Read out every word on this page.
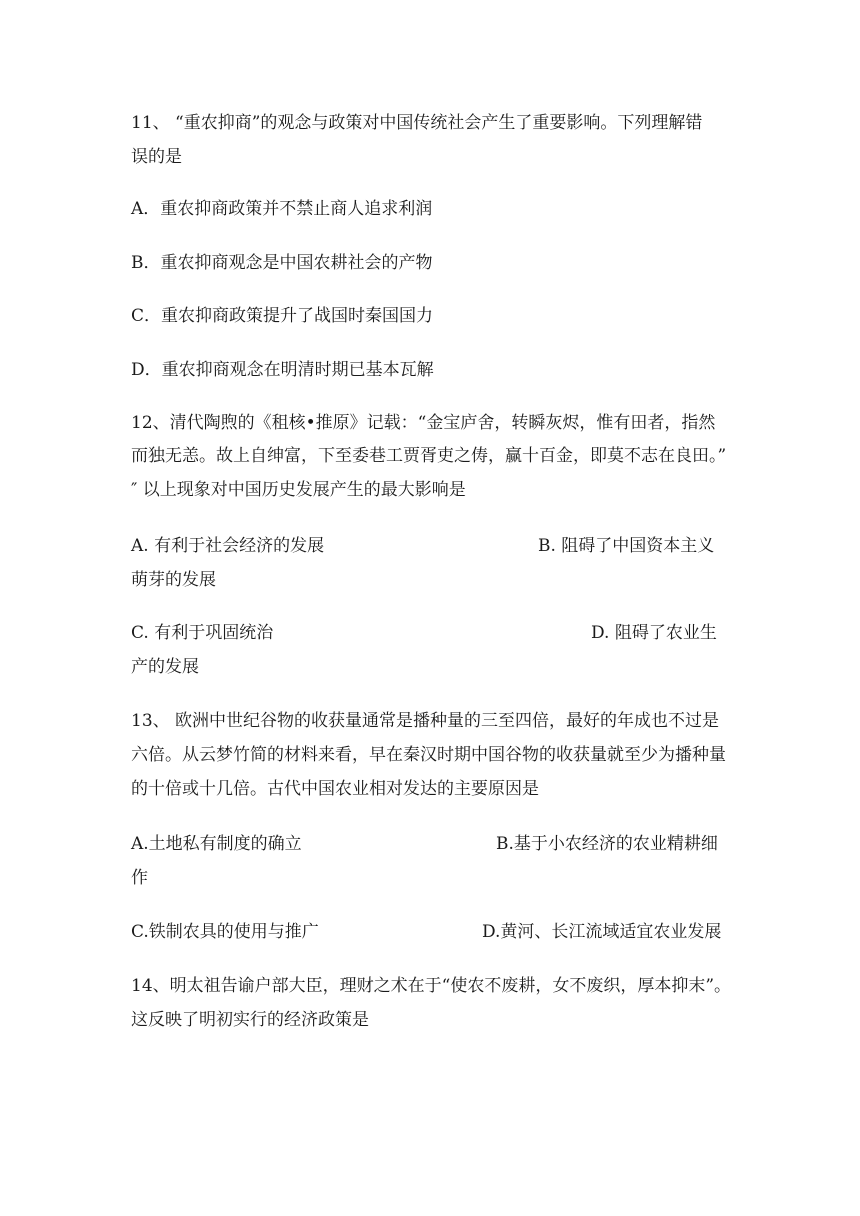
11、 “重农抑商”的观念与政策对中国传统社会产生了重要影响。下列理解错
误的是
A．重农抑商政策并不禁止商人追求利润
B．重农抑商观念是中国农耕社会的产物
C．重农抑商政策提升了战国时秦国国力
D．重农抑商观念在明清时期已基本瓦解
12、清代陶煦的《租核•推原》记载：“金宝庐舍，转瞬灰烬，惟有田者，指然
而独无恙。故上自绅富，下至委巷工贾胥吏之俦，赢十百金，即莫不志在良田。”
″ 以上现象对中国历史发展产生的最大影响是
A. 有利于社会经济的发展	B. 阻碍了中国资本主义
萌芽的发展
C. 有利于巩固统治	D. 阻碍了农业生
产的发展
13、 欧洲中世纪谷物的收获量通常是播种量的三至四倍，最好的年成也不过是
六倍。从云梦竹简的材料来看，早在秦汉时期中国谷物的收获量就至少为播种量
的十倍或十几倍。古代中国农业相对发达的主要原因是
A.土地私有制度的确立	B.基于小农经济的农业精耕细
作
C.铁制农具的使用与推广	D.黄河、长江流域适宜农业发展
14、明太祖告谕户部大臣，理财之术在于“使农不废耕，女不废织，厚本抑末”。
这反映了明初实行的经济政策是
